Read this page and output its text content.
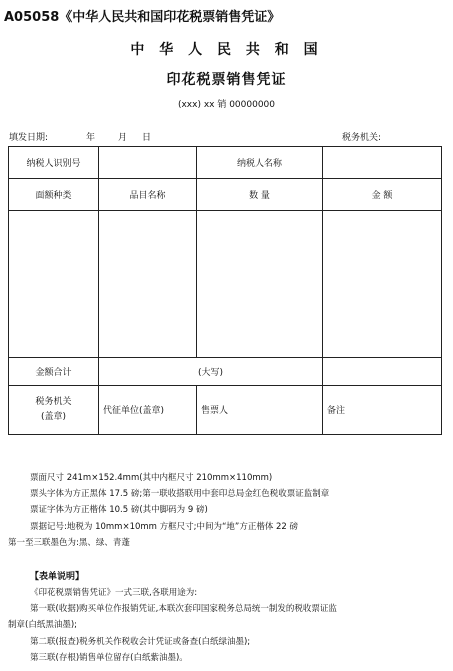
A05058《中华人民共和国印花税票销售凭证》
中 华 人 民 共 和 国
印花税票销售凭证
(xxx) xx 销 00000000
填发日期:	年	月 日	税务机关:
纳税人识别号		纳税人名称	
面额种类	品目名称	数 量	金 额

金额合计	(大写)		
税务机关
(盖章)	代征单位(盖章)	售票人	备注
票面尺寸 241m×152.4mm(其中内框尺寸 210mm×110mm)
票头字体为方正黑体 17.5 磅;第一联收搭联用中套印总局金红色税收票证监制章
票证字体为方正楷体 10.5 磅(其中脚码为 9 磅)
票据记号:地税为 10mm×10mm 方框尺寸;中间为“地”方正楷体 22 磅
第一至三联墨色为:黑、绿、青蓬
【表单说明】
《印花税票销售凭证》一式三联,各联用途为:
第一联(收据)购买单位作报销凭证,本联次套印国家税务总局统一制发的税收票证监
制章(白纸黑油墨);
第二联(报查)税务机关作税收会计凭证或备查(白纸绿油墨);
第三联(存根)销售单位留存(白纸紫油墨)。
